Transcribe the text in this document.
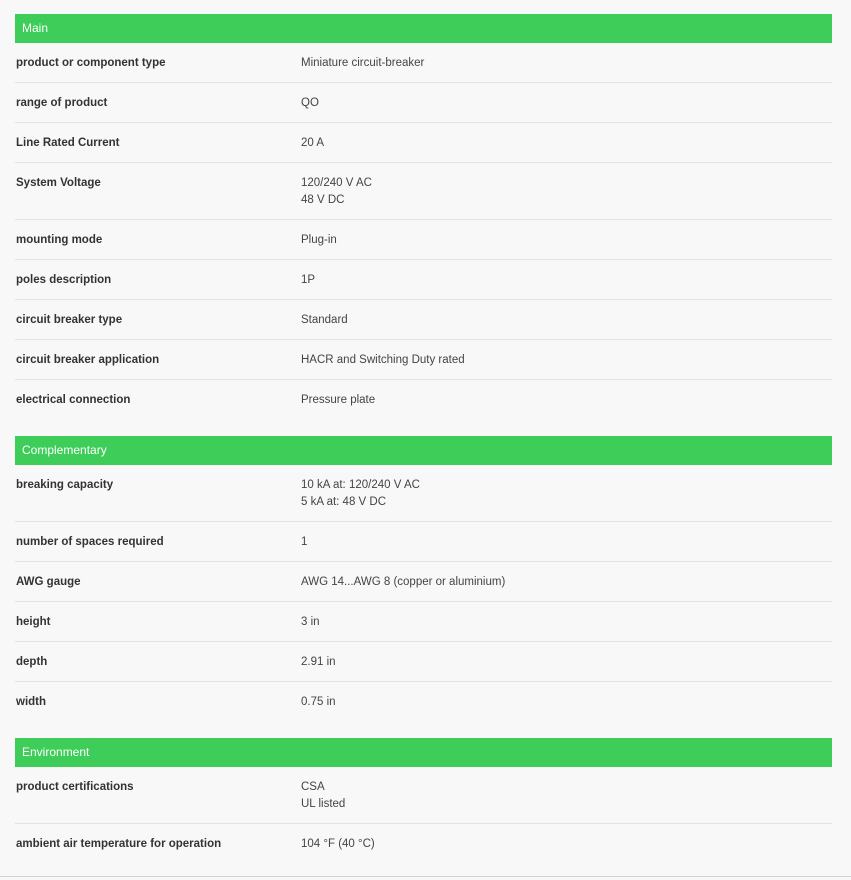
Main
product or component type	Miniature circuit-breaker
range of product	QO
Line Rated Current	20 A
System Voltage	120/240 V AC
48 V DC
mounting mode	Plug-in
poles description	1P
circuit breaker type	Standard
circuit breaker application	HACR and Switching Duty rated
electrical connection	Pressure plate
Complementary
breaking capacity	10 kA at: 120/240 V AC
5 kA at: 48 V DC
number of spaces required	1
AWG gauge	AWG 14...AWG 8 (copper or aluminium)
height	3 in
depth	2.91 in
width	0.75 in
Environment
product certifications	CSA
UL listed
ambient air temperature for operation	104 °F (40 °C)
